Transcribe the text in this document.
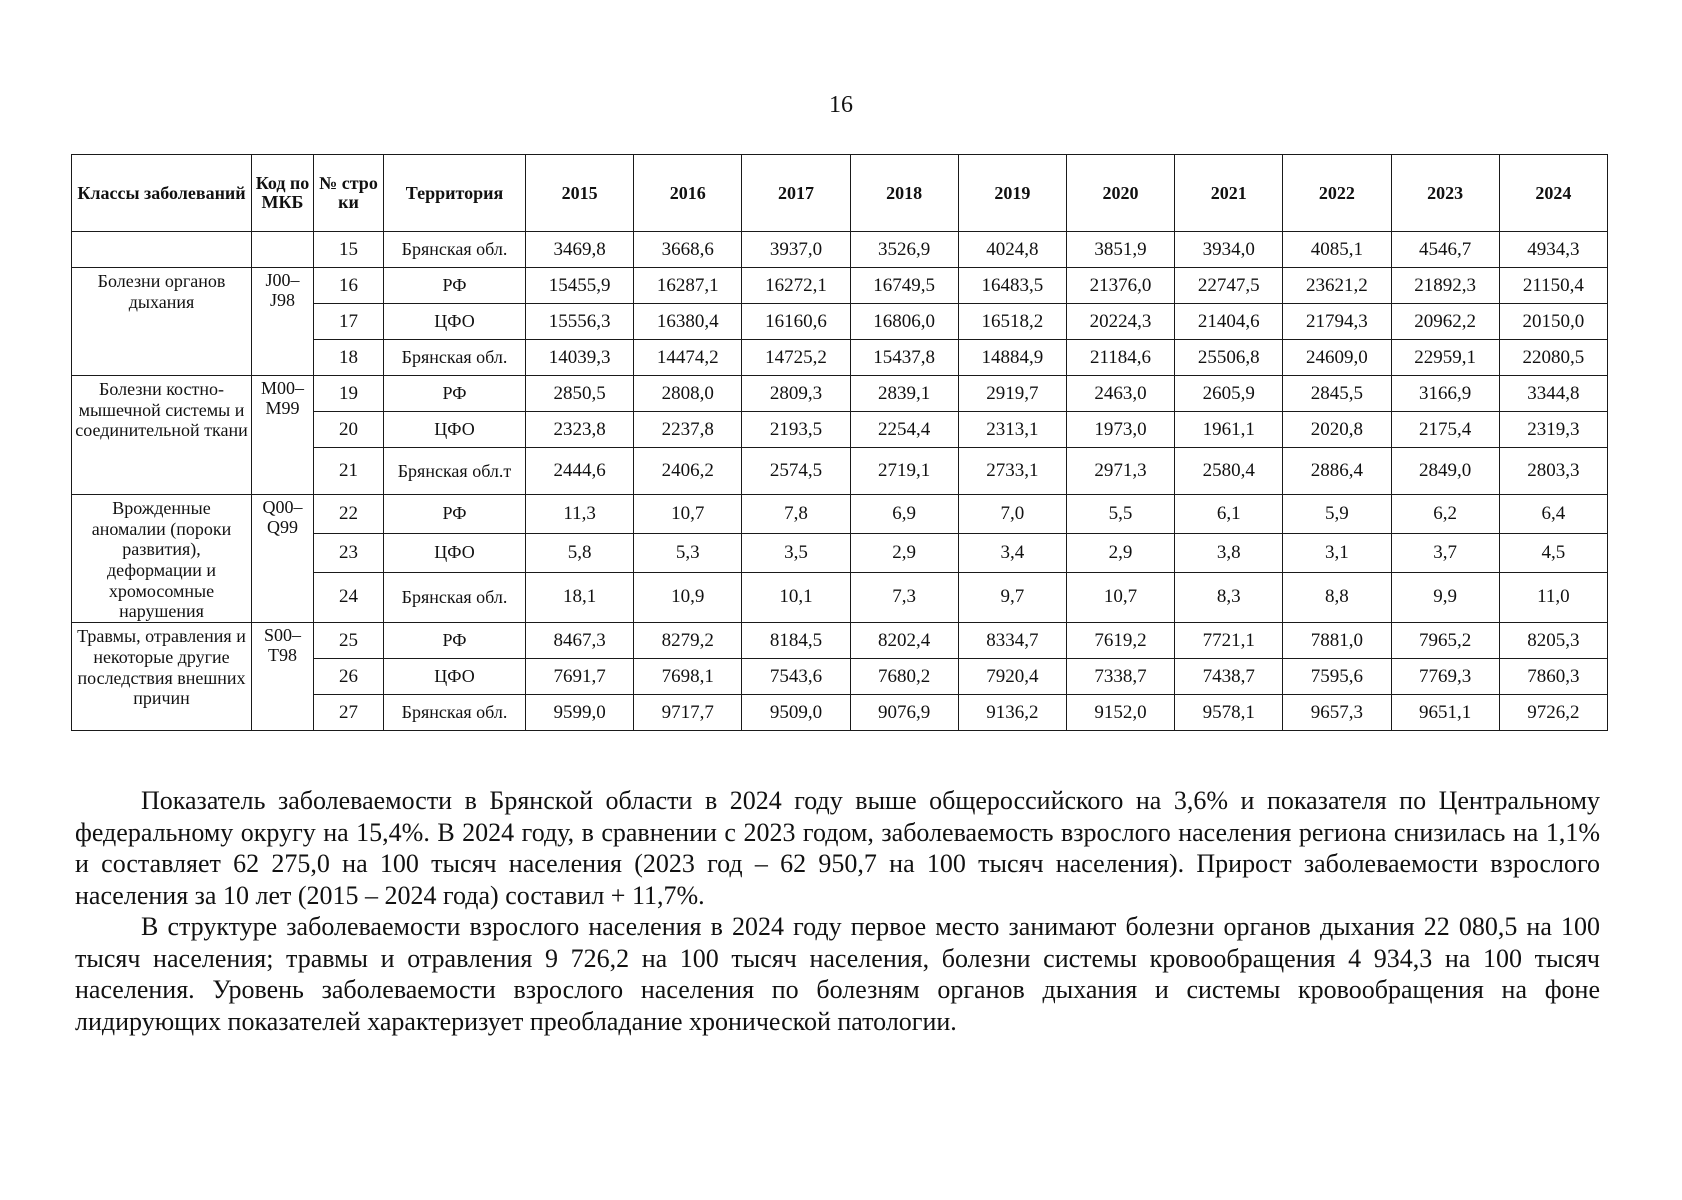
16
Классы заболеваний	Код по МКБ	№ стро ки	Территория	2015	2016	2017	2018	2019	2020	2021	2022	2023	2024
		15	Брянская обл.	3469,8	3668,6	3937,0	3526,9	4024,8	3851,9	3934,0	4085,1	4546,7	4934,3
Болезни органов дыхания	J00– J98	16	РФ	15455,9	16287,1	16272,1	16749,5	16483,5	21376,0	22747,5	23621,2	21892,3	21150,4
		17	ЦФО	15556,3	16380,4	16160,6	16806,0	16518,2	20224,3	21404,6	21794,3	20962,2	20150,0
		18	Брянская обл.	14039,3	14474,2	14725,2	15437,8	14884,9	21184,6	25506,8	24609,0	22959,1	22080,5
Болезни костно-мышечной системы и соединительной ткани	M00– M99	19	РФ	2850,5	2808,0	2809,3	2839,1	2919,7	2463,0	2605,9	2845,5	3166,9	3344,8
		20	ЦФО	2323,8	2237,8	2193,5	2254,4	2313,1	1973,0	1961,1	2020,8	2175,4	2319,3
		21	Брянская обл.т	2444,6	2406,2	2574,5	2719,1	2733,1	2971,3	2580,4	2886,4	2849,0	2803,3
Врожденные аномалии (пороки развития), деформации и хромосомные нарушения	Q00– Q99	22	РФ	11,3	10,7	7,8	6,9	7,0	5,5	6,1	5,9	6,2	6,4
		23	ЦФО	5,8	5,3	3,5	2,9	3,4	2,9	3,8	3,1	3,7	4,5
		24	Брянская обл.	18,1	10,9	10,1	7,3	9,7	10,7	8,3	8,8	9,9	11,0
Травмы, отравления и некоторые другие последствия внешних причин	S00– T98	25	РФ	8467,3	8279,2	8184,5	8202,4	8334,7	7619,2	7721,1	7881,0	7965,2	8205,3
		26	ЦФО	7691,7	7698,1	7543,6	7680,2	7920,4	7338,7	7438,7	7595,6	7769,3	7860,3
		27	Брянская обл.	9599,0	9717,7	9509,0	9076,9	9136,2	9152,0	9578,1	9657,3	9651,1	9726,2

Показатель заболеваемости в Брянской области в 2024 году выше общероссийского на 3,6% и показателя по Центральному федеральному округу на 15,4%. В 2024 году, в сравнении с 2023 годом, заболеваемость взрослого населения региона снизилась на 1,1% и составляет 62 275,0 на 100 тысяч населения (2023 год – 62 950,7 на 100 тысяч населения). Прирост заболеваемости взрослого населения за 10 лет (2015 – 2024 года) составил + 11,7%.

В структуре заболеваемости взрослого населения в 2024 году первое место занимают болезни органов дыхания 22 080,5 на 100 тысяч населения; травмы и отравления 9 726,2 на 100 тысяч населения, болезни системы кровообращения 4 934,3 на 100 тысяч населения. Уровень заболеваемости взрослого населения по болезням органов дыхания и системы кровообращения на фоне лидирующих показателей характеризует преобладание хронической патологии.
